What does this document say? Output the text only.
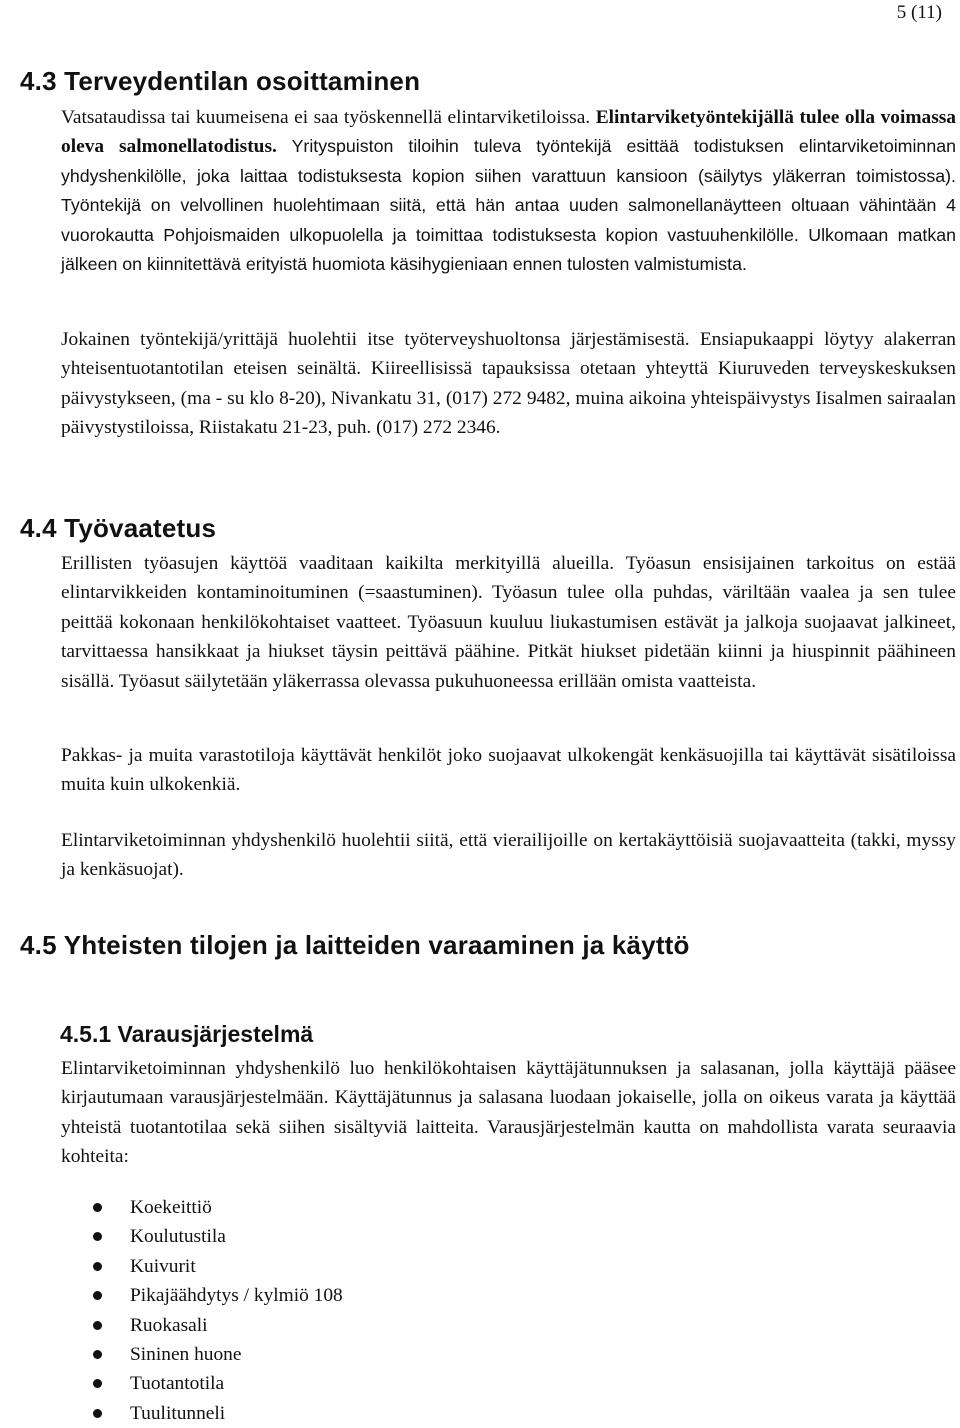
5 (11)
4.3 Terveydentilan osoittaminen

Vatsataudissa tai kuumeisena ei saa työskennellä elintarviketiloissa. Elintarviketyöntekijällä tulee olla voimassa oleva salmonellatodistus. Yrityspuiston tiloihin tuleva työntekijä esittää todistuksen elintarviketoiminnan yhdyshenkilölle, joka laittaa todistuksesta kopion siihen varattuun kansioon (säilytys yläkerran toimistossa). Työntekijä on velvollinen huolehtimaan siitä, että hän antaa uuden salmonellanäytteen oltuaan vähintään 4 vuorokautta Pohjoismaiden ulkopuolella ja toimittaa todistuksesta kopion vastuuhenkilölle. Ulkomaan matkan jälkeen on kiinnitettävä erityistä huomiota käsihygieniaan ennen tulosten valmistumista.

Jokainen työntekijä/yrittäjä huolehtii itse työterveyshuoltonsa järjestämisestä. Ensiapukaappi löytyy alakerran yhteisentuotantotilan eteisen seinältä. Kiireellisissä tapauksissa otetaan yhteyttä Kiuruveden terveyskeskuksen päivystykseen, (ma - su klo 8-20), Nivankatu 31, (017) 272 9482, muina aikoina yhteispäivystys Iisalmen sairaalan päivystystiloissa, Riistakatu 21-23, puh. (017) 272 2346.

4.4 Työvaatetus

Erillisten työasujen käyttöä vaaditaan kaikilta merkityillä alueilla. Työasun ensisijainen tarkoitus on estää elintarvikkeiden kontaminoituminen (=saastuminen). Työasun tulee olla puhdas, väriltään vaalea ja sen tulee peittää kokonaan henkilökohtaiset vaatteet. Työasuun kuuluu liukastumisen estävät ja jalkoja suojaavat jalkineet, tarvittaessa hansikkaat ja hiukset täysin peittävä päähine. Pitkät hiukset pidetään kiinni ja hiuspinnit päähineen sisällä. Työasut säilytetään yläkerrassa olevassa pukuhuoneessa erillään omista vaatteista.

Pakkas- ja muita varastotiloja käyttävät henkilöt joko suojaavat ulkokengät kenkäsuojilla tai käyttävät sisätiloissa muita kuin ulkokenkiä.

Elintarviketoiminnan yhdyshenkilö huolehtii siitä, että vierailijoille on kertakäyttöisiä suojavaatteita (takki, myssy ja kenkäsuojat).

4.5 Yhteisten tilojen ja laitteiden varaaminen ja käyttö
4.5.1 Varausjärjestelmä

Elintarviketoiminnan yhdyshenkilö luo henkilökohtaisen käyttäjätunnuksen ja salasanan, jolla käyttäjä pääsee kirjautumaan varausjärjestelmään. Käyttäjätunnus ja salasana luodaan jokaiselle, jolla on oikeus varata ja käyttää yhteistä tuotantotilaa sekä siihen sisältyviä laitteita. Varausjärjestelmän kautta on mahdollista varata seuraavia kohteita:

Koekeittiö
Koulutustila
Kuivurit
Pikajäähdytys / kylmiö 108
Ruokasali
Sininen huone
Tuotantotila
Tuulitunneli
